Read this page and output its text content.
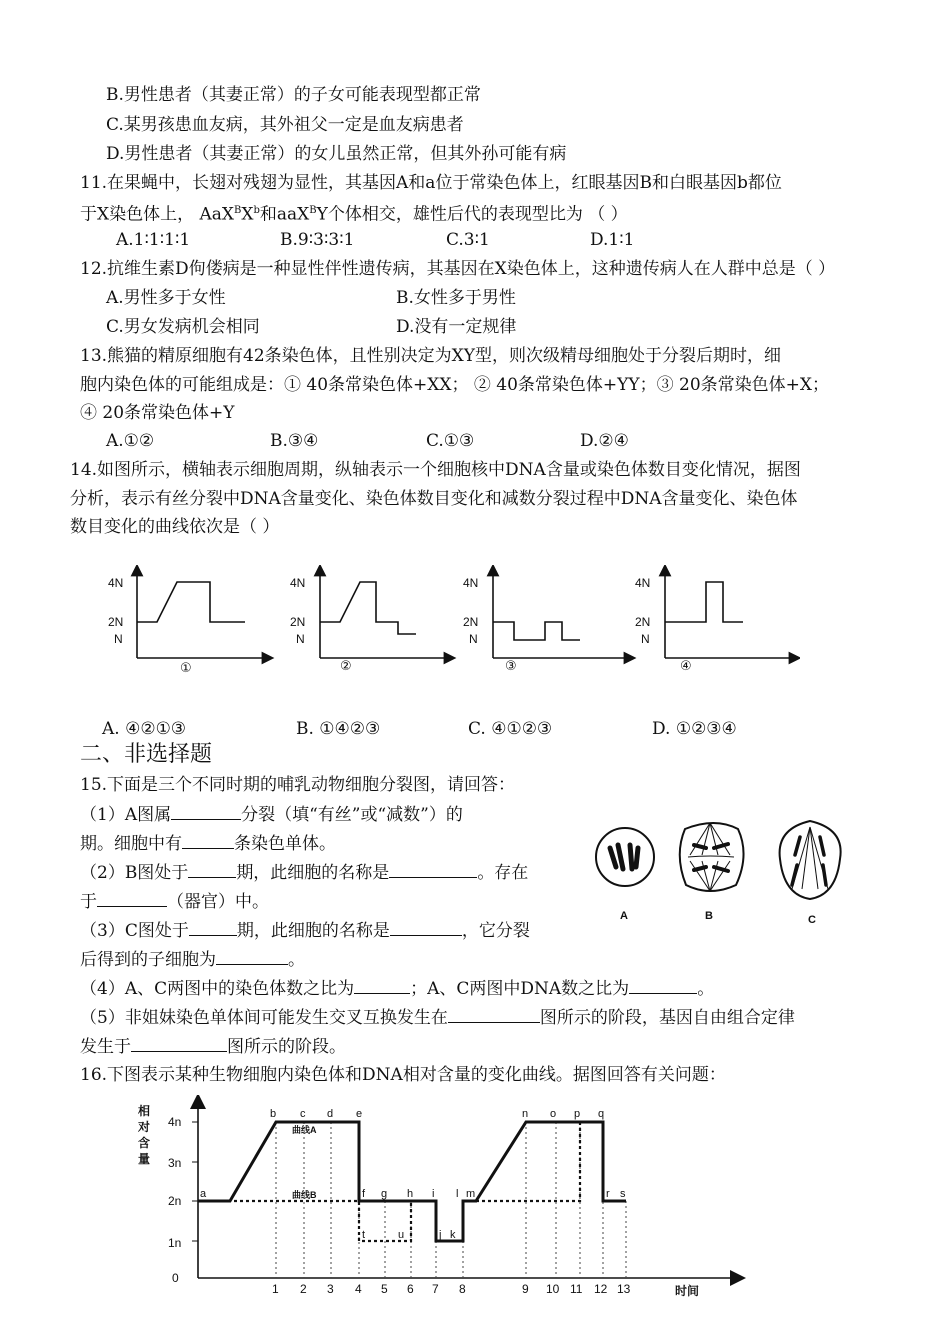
B.男性患者（其妻正常）的子女可能表现型都正常
C.某男孩患血友病，其外祖父一定是血友病患者
D.男性患者（其妻正常）的女儿虽然正常，但其外孙可能有病
11.在果蝇中，长翅对残翅为显性，其基因A和a位于常染色体上，红眼基因B和白眼基因b都位
于X染色体上， $AaX^BX^b$和aaX$^B$Y个体相交，雄性后代的表现型比为 （ ）
A.1∶1∶1∶1	B.9∶3∶3∶1	C.3∶1	D.1∶1
12.抗维生素D佝偻病是一种显性伴性遗传病，其基因在X染色体上，这种遗传病人在人群中总是（ ）
A.男性多于女性	B.女性多于男性
C.男女发病机会相同	D.没有一定规律
13.熊猫的精原细胞有42条染色体，且性别决定为XY型，则次级精母细胞处于分裂后期时，细
胞内染色体的可能组成是：① 40条常染色体+XX； ② 40条常染色体+YY；③ 20条常染色体+X；
④ 20条常染色体+Y
A.①②	B.③④	C.①③	D.②④
14.如图所示，横轴表示细胞周期，纵轴表示一个细胞核中DNA含量或染色体数目变化情况，据图
分析，表示有丝分裂中DNA含量变化、染色体数目变化和减数分裂过程中DNA含量变化、染色体
数目变化的曲线依次是（ ）
4N
2N
N
4N
2N
N
4N
2N
N
4N
2N
N
①	②	③	④
A. ④②①③	B. ①④②③	C. ④①②③	D. ①②③④
二、非选择题
15.下面是三个不同时期的哺乳动物细胞分裂图，请回答：
（1）A图属	分裂（填“有丝”或“减数”）的
期。细胞中有	条染色单体。
（2）B图处于	期，此细胞的名称是	。存在
于	（器官）中。
（3）C图处于	期，此细胞的名称是	，它分裂
后得到的子细胞为	。
（4）A、C两图中的染色体数之比为	；A、C两图中DNA数之比为	。
（5）非姐妹染色单体间可能发生交叉互换发生在	图所示的阶段，基因自由组合定律
发生于	图所示的阶段。
A	B	C
16.下图表示某种生物细胞内染色体和DNA相对含量的变化曲线。据图回答有关问题：
相
对
含
量
4n
3n
2n
1n
0
曲线A
曲线B
a
b c d e
f g h i
j k
l m
n o p q
r s
t	u
1 2 3 4 5 6 7 8	9 10 11 12 13	时间
